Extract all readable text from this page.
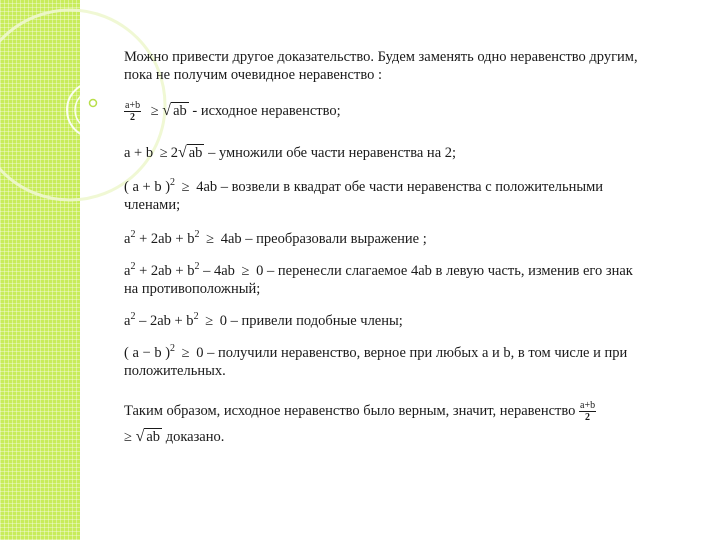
Можно привести другое доказательство. Будем заменять одно неравенство другим, пока не получим очевидное неравенство :
$\frac{a+b}{2}$ ≥ √ ab - исходное неравенство;
a + b ≥ 2√ ab – умножили обе части неравенства на 2;
( a + b )$^2$ ≥ 4ab – возвели в квадрат обе части неравенства с положительными членами;
$a^2 + 2ab + b^2 \ge 4ab$ – преобразовали выражение ;
$a^2 + 2ab + b^2 - 4ab \ge 0$ – перенесли слагаемое 4ab в левую часть, изменив его знак на противоположный;
$a^2 - 2ab + b^2 \ge 0$ – привели подобные члены;
( a − b )$^2$ ≥ 0 – получили неравенство, верное при любых a и b, в том числе и при положительных.
Таким образом, исходное неравенство было верным, значит, неравенство $\frac{a+b}{2}$
≥ √ ab доказано.
